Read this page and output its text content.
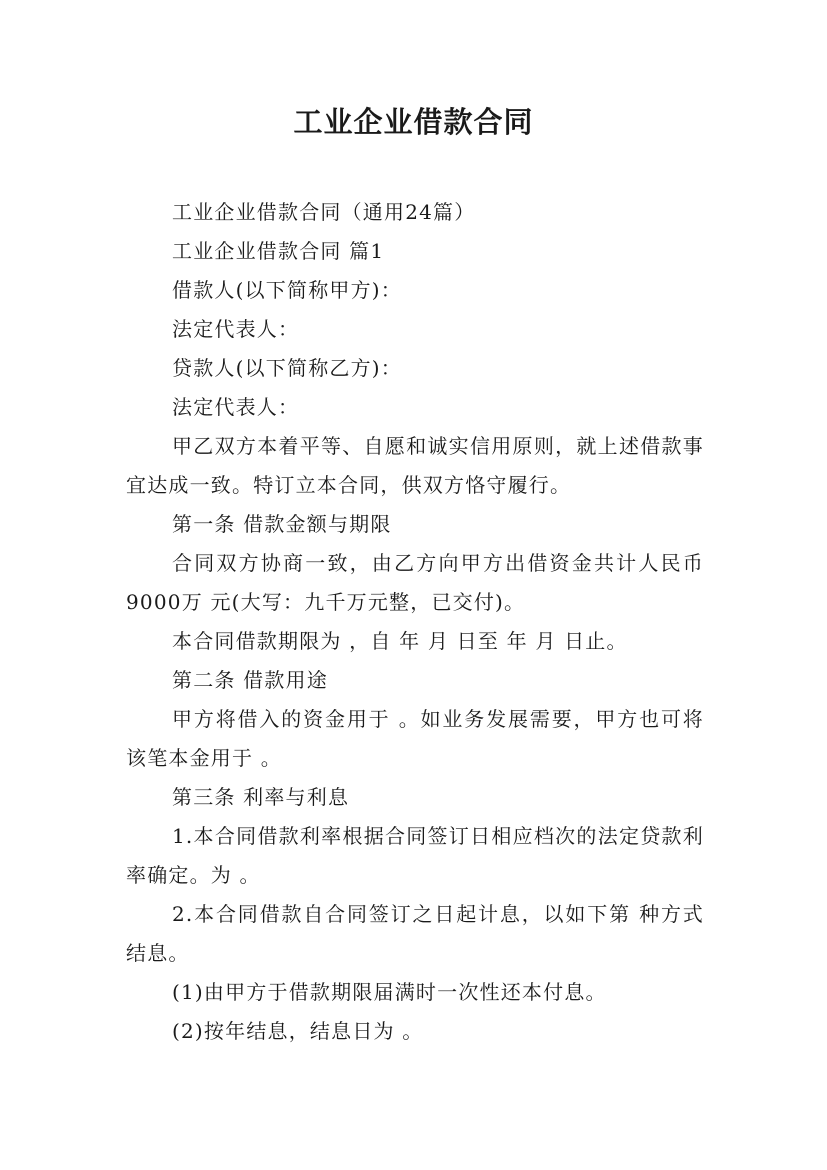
工业企业借款合同

工业企业借款合同（通用24篇）

工业企业借款合同 篇1

借款人(以下简称甲方)：

法定代表人：

贷款人(以下简称乙方)：

法定代表人：

甲乙双方本着平等、自愿和诚实信用原则，就上述借款事宜达成一致。特订立本合同，供双方恪守履行。

第一条 借款金额与期限

合同双方协商一致，由乙方向甲方出借资金共计人民币9000万 元(大写：九千万元整，已交付)。

本合同借款期限为 ，自 年 月 日至 年 月 日止。

第二条 借款用途

甲方将借入的资金用于 。如业务发展需要，甲方也可将该笔本金用于 。

第三条 利率与利息

1.本合同借款利率根据合同签订日相应档次的法定贷款利率确定。为 。

2.本合同借款自合同签订之日起计息，以如下第 种方式结息。

(1)由甲方于借款期限届满时一次性还本付息。

(2)按年结息，结息日为 。
